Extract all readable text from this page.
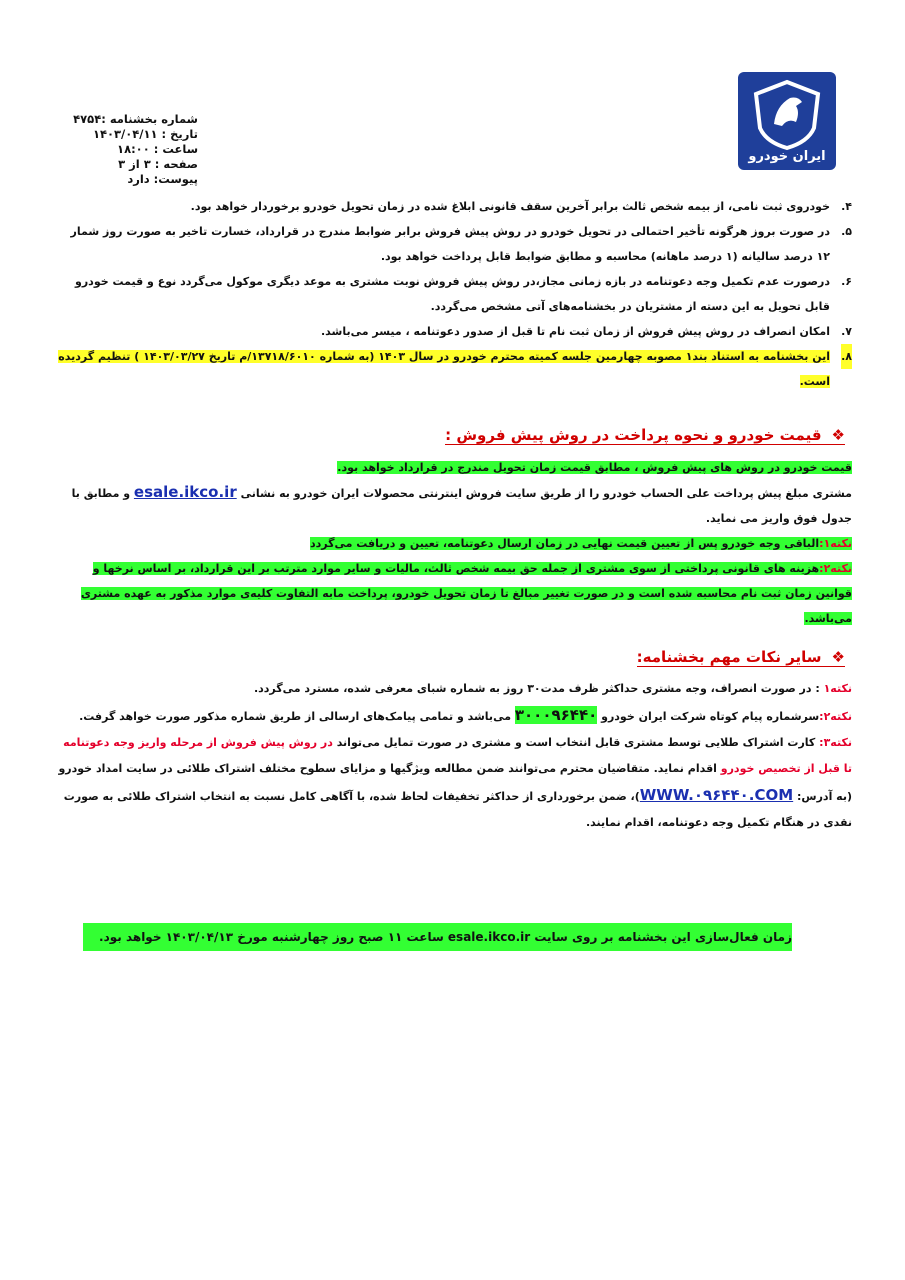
ایران خودرو
شماره بخشنامه :۴۷۵۴
تاریخ : ۱۴۰۳/۰۴/۱۱
ساعت : ۱۸:۰۰
صفحه : ۳ از ۳
پیوست: دارد
۴.
خودروی ثبت نامی، از بیمه شخص ثالث برابر آخرین سقف قانونی ابلاغ شده در زمان تحویل خودرو برخوردار خواهد بود.
۵.
در صورت بروز هرگونه تأخیر احتمالی در تحویل خودرو در روش پیش فروش برابر ضوابط مندرج در قرارداد، خسارت تاخیر به صورت روز شمار ۱۲ درصد سالیانه (۱ درصد ماهانه) محاسبه و مطابق ضوابط قابل پرداخت خواهد بود.
۶.
درصورت عدم تکمیل وجه دعوتنامه در بازه زمانی مجاز،در روش پیش فروش نوبت مشتری به موعد دیگری موکول می‌گردد نوع و قیمت خودرو قابل تحویل به این دسته از مشتریان در بخشنامه‌های آتی مشخص می‌گردد.
۷.
امکان انصراف در روش پیش فروش از زمان ثبت نام تا قبل از صدور دعوتنامه ، میسر می‌باشد.
۸.
این بخشنامه به استناد بند۱ مصوبه چهارمین جلسه کمیته محترم خودرو در سال ۱۴۰۳ (به شماره ۱۳۷۱۸/۶۰۱۰/م تاریخ ۱۴۰۳/۰۳/۲۷ ) تنظیم گردیده است.
❖قیمت خودرو و نحوه پرداخت در روش پیش فروش :

قیمت خودرو در روش های پیش فروش ، مطابق قیمت زمان تحویل مندرج در قرارداد خواهد بود.

مشتری مبلغ پیش پرداخت علی الحساب خودرو را از طریق سایت فروش اینترنتی محصولات ایران خودرو به نشانی esale.ikco.ir و مطابق با جدول فوق واریز می نماید.

نکته۱:الباقی وجه خودرو پس از تعیین قیمت نهایی در زمان ارسال دعوتنامه، تعیین و دریافت می‌گردد

نکته۲:هزینه های قانونی پرداختی از سوی مشتری از جمله حق بیمه شخص ثالث، مالیات و سایر موارد مترتب بر این قرارداد، بر اساس نرخها و قوانین زمان ثبت نام محاسبه شده است و در صورت تغییر مبالغ تا زمان تحویل خودرو، پرداخت مابه التفاوت کلیه‌ی موارد مذکور به عهده مشتری می‌باشد.

❖سایر نکات مهم بخشنامه:

نکته۱ : در صورت انصراف، وجه مشتری حداکثر ظرف مدت۳۰ روز به شماره شبای معرفی شده، مسترد می‌گردد.

نکته۲:سرشماره پیام کوتاه شرکت ایران خودرو ۳۰۰۰۹۶۴۴۰ می‌باشد و تمامی پیامک‌های ارسالی از طریق شماره مذکور صورت خواهد گرفت.

نکته۳: کارت اشتراک طلایی توسط مشتری قابل انتخاب است و مشتری در صورت تمایل می‌تواند در روش پیش فروش از مرحله واریز وجه دعوتنامه تا قبل از تخصیص خودرو اقدام نماید. متقاضیان محترم می‌توانند ضمن مطالعه ویژگیها و مزایای سطوح مختلف اشتراک طلائی در سایت امداد خودرو (به آدرس: WWW.۰۹۶۴۴۰.COM)، ضمن برخورداری از حداکثر تخفیفات لحاظ شده، با آگاهی کامل نسبت به انتخاب اشتراک طلائی به صورت نقدی در هنگام تکمیل وجه دعوتنامه، اقدام نمایند.

زمان فعال‌سازی این بخشنامه بر روی سایت esale.ikco.ir ساعت ۱۱ صبح روز چهارشنبه مورخ ۱۴۰۳/۰۴/۱۳ خواهد بود.
